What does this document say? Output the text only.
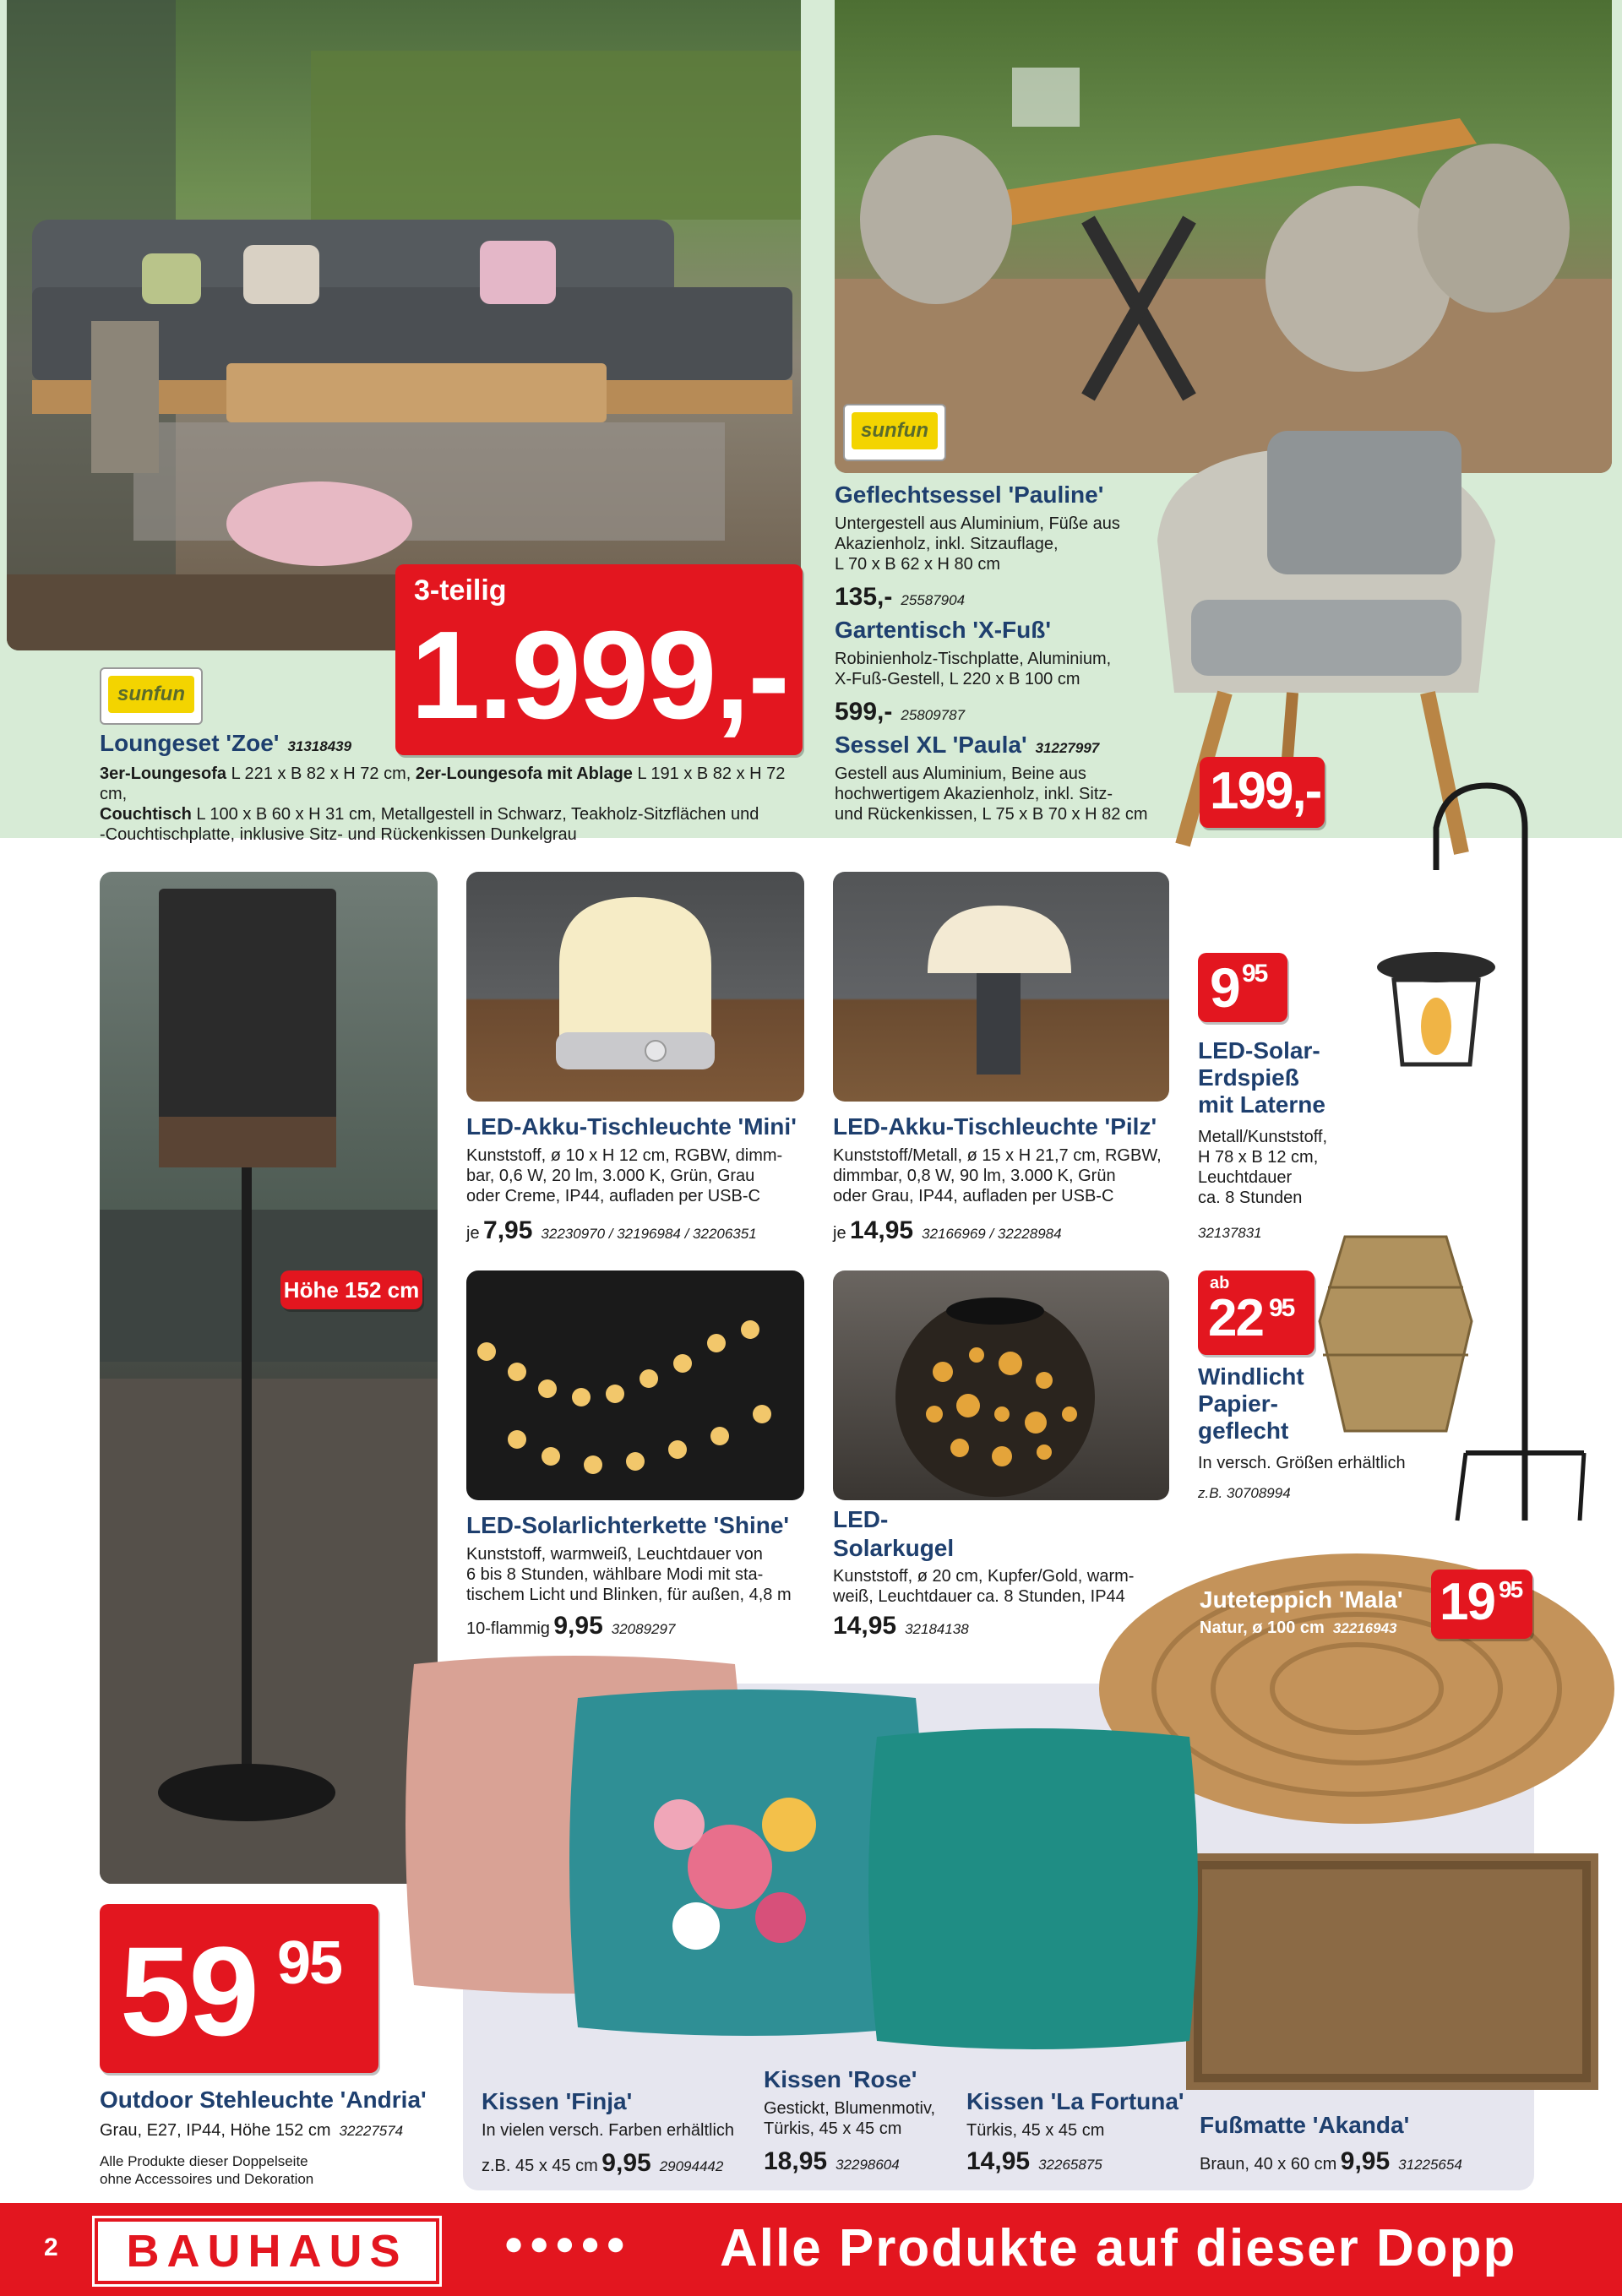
sunfun
sunfun
3-teilig
1.999,-
Loungeset 'Zoe' 31318439
3er-Loungesofa L 221 x B 82 x H 72 cm, 2er-Loungesofa mit Ablage L 191 x B 82 x H 72 cm,
Couchtisch L 100 x B 60 x H 31 cm, Metallgestell in Schwarz, Teakholz-Sitzflächen und
-Couchtischplatte, inklusive Sitz- und Rückenkissen Dunkelgrau
Geflechtsessel 'Pauline'
Untergestell aus Aluminium, Füße aus
Akazienholz, inkl. Sitzauflage,
L 70 x B 62 x H 80 cm
135,- 25587904
Gartentisch 'X-Fuß'
Robinienholz-Tischplatte, Aluminium,
X-Fuß-Gestell, L 220 x B 100 cm
599,- 25809787
Sessel XL 'Paula' 31227997
Gestell aus Aluminium, Beine aus
hochwertigem Akazienholz, inkl. Sitz-
und Rückenkissen, L 75 x B 70 x H 82 cm 199,-
Höhe 152 cm
LED-Akku-Tischleuchte 'Mini'
Kunststoff, ø 10 x H 12 cm, RGBW, dimm-
bar, 0,6 W, 20 lm, 3.000 K, Grün, Grau
oder Creme, IP44, aufladen per USB-C
je 7,95 32230970 / 32196984 / 32206351
LED-Akku-Tischleuchte 'Pilz'
Kunststoff/Metall, ø 15 x H 21,7 cm, RGBW,
dimmbar, 0,8 W, 90 lm, 3.000 K, Grün
oder Grau, IP44, aufladen per USB-C
je 14,95 32166969 / 32228984
LED-Solarlichterkette 'Shine'
Kunststoff, warmweiß, Leuchtdauer von
6 bis 8 Stunden, wählbare Modi mit sta-
tischem Licht und Blinken, für außen, 4,8 m
10-flammig 9,95 32089297
LED-
Solarkugel
Kunststoff, ø 20 cm, Kupfer/Gold, warm-
weiß, Leuchtdauer ca. 8 Stunden, IP44
14,95 32184138
9 95
LED-Solar-
Erdspieß
mit Laterne
Metall/Kunststoff,
H 78 x B 12 cm,
Leuchtdauer
ca. 8 Stunden
32137831
ab
22 95
Windlicht
Papier-
geflecht
In versch. Größen erhältlich
z.B. 30708994
Juteteppich 'Mala'
Natur, ø 100 cm 32216943 19 95
59 95
Outdoor Stehleuchte 'Andria'
Grau, E27, IP44, Höhe 152 cm 32227574
Alle Produkte dieser Doppelseite
ohne Accessoires und Dekoration
Kissen 'Finja'
In vielen versch. Farben erhältlich
z.B. 45 x 45 cm 9,95 29094442
Kissen 'Rose'
Gestickt, Blumenmotiv,
Türkis, 45 x 45 cm
18,95 32298604
Kissen 'La Fortuna'
Türkis, 45 x 45 cm
14,95 32265875
Fußmatte 'Akanda'
Braun, 40 x 60 cm 9,95 31225654
2	BAUHAUS	●●●●● Alle Produkte auf dieser Dopp
